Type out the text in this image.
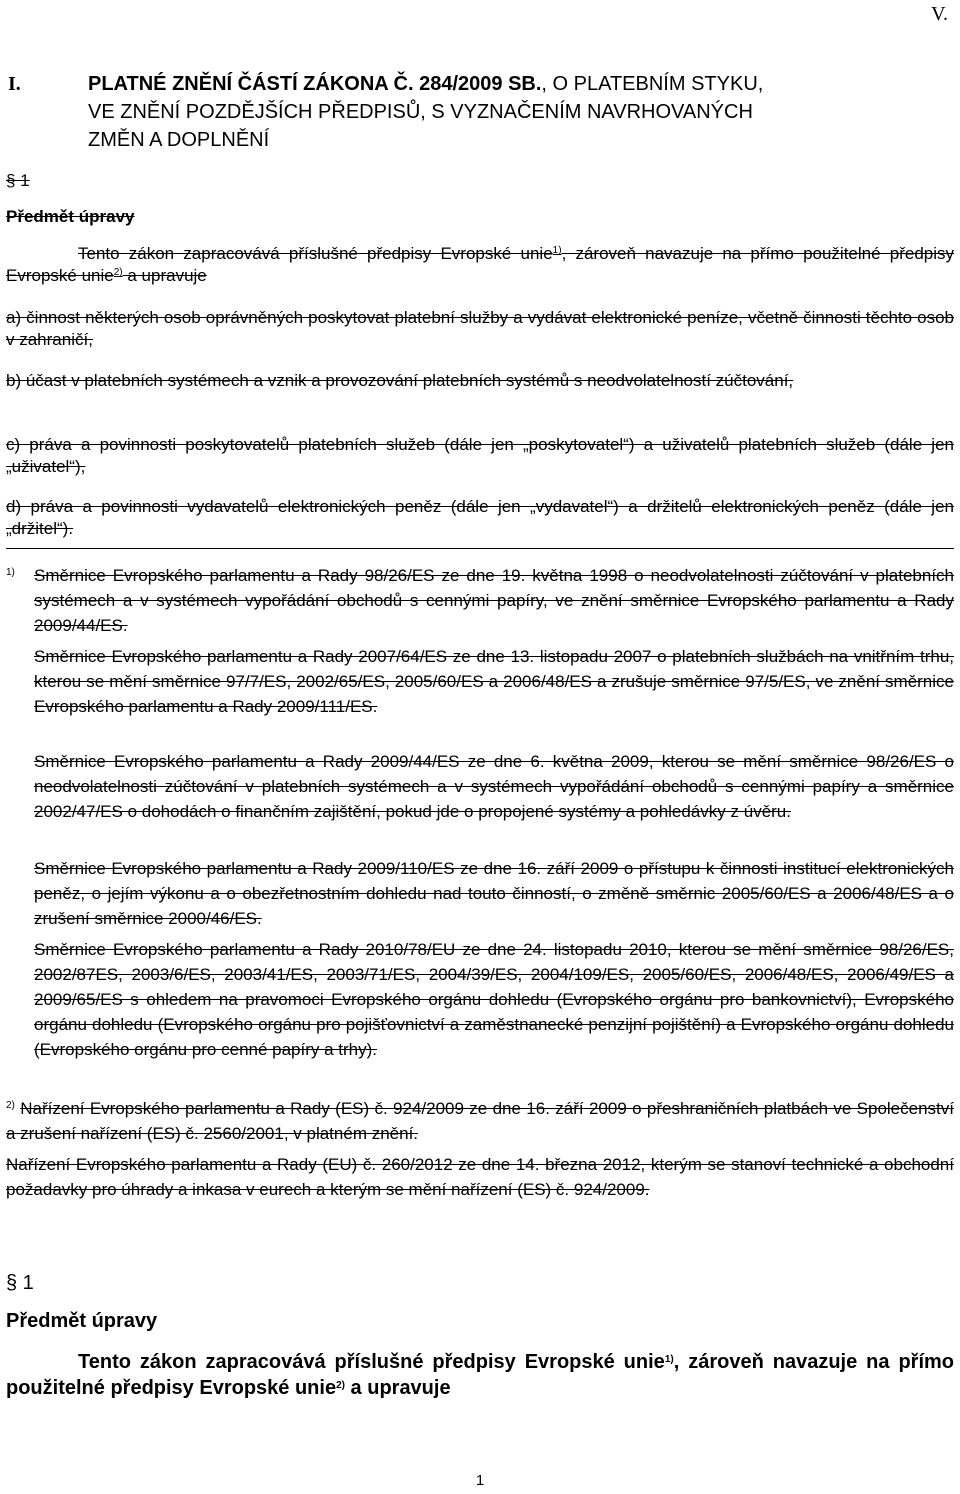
V.
I.	PLATNÉ ZNĚNÍ ČÁSTÍ ZÁKONA Č. 284/2009 SB., O PLATEBNÍM STYKU,
VE ZNĚNÍ POZDĚJŠÍCH PŘEDPISŮ, S VYZNAČENÍM NAVRHOVANÝCH
ZMĚN A DOPLNĚNÍ
§ 1
Předmět úpravy
Tento zákon zapracovává příslušné předpisy Evropské unie$^{1)}$, zároveň navazuje na přímo použitelné předpisy Evropské unie$^{2)}$ a upravuje
a) činnost některých osob oprávněných poskytovat platební služby a vydávat elektronické peníze, včetně činnosti těchto osob v zahraničí,
b) účast v platebních systémech a vznik a provozování platebních systémů s neodvolatelností zúčtování,
c) práva a povinnosti poskytovatelů platebních služeb (dále jen „poskytovatel“) a uživatelů platebních služeb (dále jen „uživatel“),
d) práva a povinnosti vydavatelů elektronických peněz (dále jen „vydavatel“) a držitelů elektronických peněz (dále jen „držitel“).
$^{1)}$ Směrnice Evropského parlamentu a Rady 98/26/ES ze dne 19. května 1998 o neodvolatelnosti zúčtování v platebních systémech a v systémech vypořádání obchodů s cennými papíry, ve znění směrnice Evropského parlamentu a Rady 2009/44/ES.
Směrnice Evropského parlamentu a Rady 2007/64/ES ze dne 13. listopadu 2007 o platebních službách na vnitřním trhu, kterou se mění směrnice 97/7/ES, 2002/65/ES, 2005/60/ES a 2006/48/ES a zrušuje směrnice 97/5/ES, ve znění směrnice Evropského parlamentu a Rady 2009/111/ES.
Směrnice Evropského parlamentu a Rady 2009/44/ES ze dne 6. května 2009, kterou se mění směrnice 98/26/ES o neodvolatelnosti zúčtování v platebních systémech a v systémech vypořádání obchodů s cennými papíry a směrnice 2002/47/ES o dohodách o finančním zajištění, pokud jde o propojené systémy a pohledávky z úvěru.
Směrnice Evropského parlamentu a Rady 2009/110/ES ze dne 16. září 2009 o přístupu k činnosti institucí elektronických peněz, o jejím výkonu a o obezřetnostním dohledu nad touto činností, o změně směrnic 2005/60/ES a 2006/48/ES a o zrušení směrnice 2000/46/ES.
Směrnice Evropského parlamentu a Rady 2010/78/EU ze dne 24. listopadu 2010, kterou se mění směrnice 98/26/ES, 2002/87ES, 2003/6/ES, 2003/41/ES, 2003/71/ES, 2004/39/ES, 2004/109/ES, 2005/60/ES, 2006/48/ES, 2006/49/ES a 2009/65/ES s ohledem na pravomoci Evropského orgánu dohledu (Evropského orgánu pro bankovnictví), Evropského orgánu dohledu (Evropského orgánu pro pojišťovnictví a zaměstnanecké penzijní pojištění) a Evropského orgánu dohledu (Evropského orgánu pro cenné papíry a trhy).
$^{2)}$ Nařízení Evropského parlamentu a Rady (ES) č. 924/2009 ze dne 16. září 2009 o přeshraničních platbách ve Společenství a zrušení nařízení (ES) č. 2560/2001, v platném znění.
Nařízení Evropského parlamentu a Rady (EU) č. 260/2012 ze dne 14. března 2012, kterým se stanoví technické a obchodní požadavky pro úhrady a inkasa v eurech a kterým se mění nařízení (ES) č. 924/2009.
§ 1
Předmět úpravy
Tento zákon zapracovává příslušné předpisy Evropské unie$^{1)}$, zároveň navazuje na přímo použitelné předpisy Evropské unie$^{2)}$ a upravuje
1
